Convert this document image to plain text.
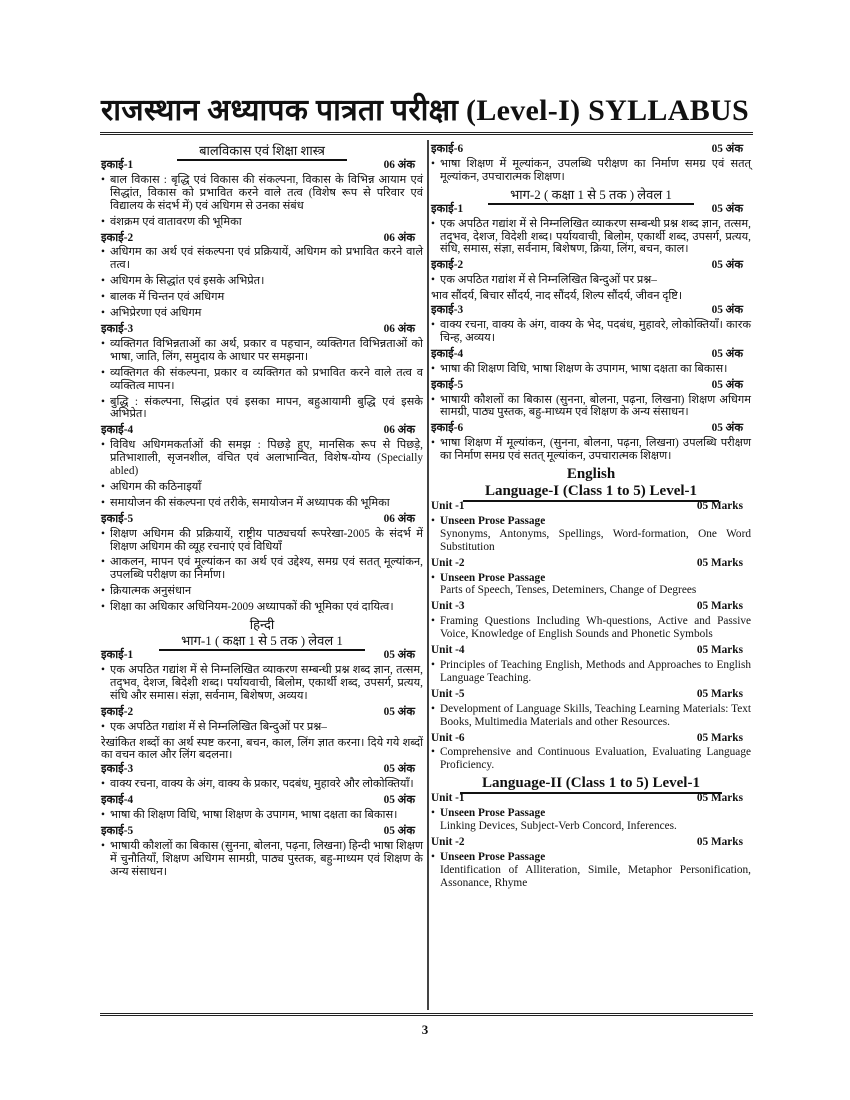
राजस्थान अध्यापक पात्रता परीक्षा (Level-I) SYLLABUS
बालविकास एवं शिक्षा शास्त्र
इकाई-1	06 अंक
• बाल विकास : बृद्धि एवं विकास की संकल्पना, विकास के विभिन्न आयाम एवं सिद्धांत, विकास को प्रभावित करने वाले तत्व (विशेष रूप से परिवार एवं विद्यालय के संदर्भ में) एवं अधिगम से उनका संबंध
• वंशक्रम एवं वातावरण की भूमिका
इकाई-2	06 अंक
• अधिगम का अर्थ एवं संकल्पना एवं प्रक्रियायें, अधिगम को प्रभावित करने वाले तत्व।
• अधिगम के सिद्धांत एवं इसके अभिप्रेत।
• बालक में चिन्तन एवं अधिगम
• अभिप्रेरणा एवं अधिगम
इकाई-3	06 अंक
• व्यक्तिगत विभिन्नताओं का अर्थ, प्रकार व पहचान, व्यक्तिगत विभिन्नताओं को भाषा, जाति, लिंग, समुदाय के आधार पर समझना।
• व्यक्तिगत की संकल्पना, प्रकार व व्यक्तिगत को प्रभावित करने वाले तत्व व व्यक्तित्व मापन।
• बुद्धि : संकल्पना, सिद्धांत एवं इसका मापन, बहुआयामी बुद्धि एवं इसके अभिप्रेत।
इकाई-4	06 अंक
• विविध अधिगमकर्ताओं की समझ : पिछड़े हुए, मानसिक रूप से पिछड़े, प्रतिभाशाली, सृजनशील, वंचित एवं अलाभान्वित, विशेष-योग्य (Specially abled)
• अधिगम की कठिनाइयाँ
• समायोजन की संकल्पना एवं तरीके, समायोजन में अध्यापक की भूमिका
इकाई-5	06 अंक
• शिक्षण अधिगम की प्रक्रियायें, राष्ट्रीय पाठ्यचर्या रूपरेखा-2005 के संदर्भ में शिक्षण अधिगम की व्यूह रचनाएं एवं विधियाँ
• आकलन, मापन एवं मूल्यांकन का अर्थ एवं उद्देश्य, समग्र एवं सतत् मूल्यांकन, उपलब्धि परीक्षण का निर्माण।
• क्रियात्मक अनुसंधान
• शिक्षा का अधिकार अधिनियम-2009 अध्यापकों की भूमिका एवं दायित्व।
हिन्दी
भाग-1 ( कक्षा 1 से 5 तक ) लेवल 1
इकाई-1	05 अंक
• एक अपठित गद्यांश में से निम्नलिखित व्याकरण सम्बन्धी प्रश्न शब्द ज्ञान, तत्सम, तद्‌भव, देशज, बिदेशी शब्द। पर्यायवाची, बिलोम, एकार्थी शब्द, उपसर्ग, प्रत्यय, संधि और समास। संज्ञा, सर्वनाम, बिशेषण, अव्यय।
इकाई-2	05 अंक
• एक अपठित गद्यांश में से निम्नलिखित बिन्दुओं पर प्रश्न–
रेखांकित शब्दों का अर्थ स्पष्ट करना, बचन, काल, लिंग ज्ञात करना। दिये गये शब्दों का वचन काल और लिंग बदलना।
इकाई-3	05 अंक
• वाक्य रचना, वाक्य के अंग, वाक्य के प्रकार, पदबंध, मुहावरे और लोकोक्तियाँ।
इकाई-4	05 अंक
• भाषा की शिक्षण विधि, भाषा शिक्षण के उपागम, भाषा दक्षता का बिकास।
इकाई-5	05 अंक
• भाषायी कौशलों का बिकास (सुनना, बोलना, पढ़ना, लिखना) हिन्दी भाषा शिक्षण में चुनौतियाँ, शिक्षण अधिगम सामग्री, पाठ्य पुस्तक, बहु-माध्यम एवं शिक्षण के अन्य संसाधन।
इकाई-6	05 अंक
• भाषा शिक्षण में मूल्यांकन, उपलब्धि परीक्षण का निर्माण समग्र एवं सतत् मूल्यांकन, उपचारात्मक शिक्षण।
भाग-2 ( कक्षा 1 से 5 तक ) लेवल 1
इकाई-1	05 अंक
• एक अपठित गद्यांश में से निम्नलिखित व्याकरण सम्बन्धी प्रश्न शब्द ज्ञान, तत्सम, तद्‌भव, देशज, विदेशी शब्द। पर्यायवाची, बिलोम, एकार्थी शब्द, उपसर्ग, प्रत्यय, संधि, समास, संज्ञा, सर्वनाम, बिशेषण, क्रिया, लिंग, बचन, काल।
इकाई-2	05 अंक
• एक अपठित गद्यांश में से निम्नलिखित बिन्दुओं पर प्रश्न–
भाव सौंदर्य, बिचार सौंदर्य, नाद सौंदर्य, शिल्प सौंदर्य, जीवन दृष्टि।
इकाई-3	05 अंक
• वाक्य रचना, वाक्य के अंग, वाक्य के भेद, पदबंध, मुहावरे, लोकोक्तियाँ। कारक चिन्ह, अव्यय।
इकाई-4	05 अंक
• भाषा की शिक्षण विधि, भाषा शिक्षण के उपागम, भाषा दक्षता का बिकास।
इकाई-5	05 अंक
• भाषायी कौशलों का बिकास (सुनना, बोलना, पढ़ना, लिखना) शिक्षण अधिगम सामग्री, पाठ्य पुस्तक, बहु-माध्यम एवं शिक्षण के अन्य संसाधन।
इकाई-6	05 अंक
• भाषा शिक्षण में मूल्यांकन, (सुनना, बोलना, पढ़ना, लिखना) उपलब्धि परीक्षण का निर्माण समग्र एवं सतत् मूल्यांकन, उपचारात्मक शिक्षण।
English
Language-I (Class 1 to 5) Level-1
Unit -1	05 Marks
• Unseen Prose Passage
Synonyms, Antonyms, Spellings, Word-formation, One Word Substitution
Unit -2	05 Marks
• Unseen Prose Passage
Parts of Speech, Tenses, Deteminers, Change of Degrees
Unit -3	05 Marks
• Framing Questions Including Wh-questions, Active and Passive Voice, Knowledge of English Sounds and Phonetic Symbols
Unit -4	05 Marks
• Principles of Teaching English, Methods and Approaches to English Language Teaching.
Unit -5	05 Marks
• Development of Language Skills, Teaching Learning Materials: Text Books, Multimedia Materials and other Resources.
Unit -6	05 Marks
• Comprehensive and Continuous Evaluation, Evaluating Language Proficiency.
Language-II (Class 1 to 5) Level-1
Unit -1	05 Marks
• Unseen Prose Passage
Linking Devices, Subject-Verb Concord, Inferences.
Unit -2	05 Marks
• Unseen Prose Passage
Identification of Alliteration, Simile, Metaphor Personification, Assonance, Rhyme
3
